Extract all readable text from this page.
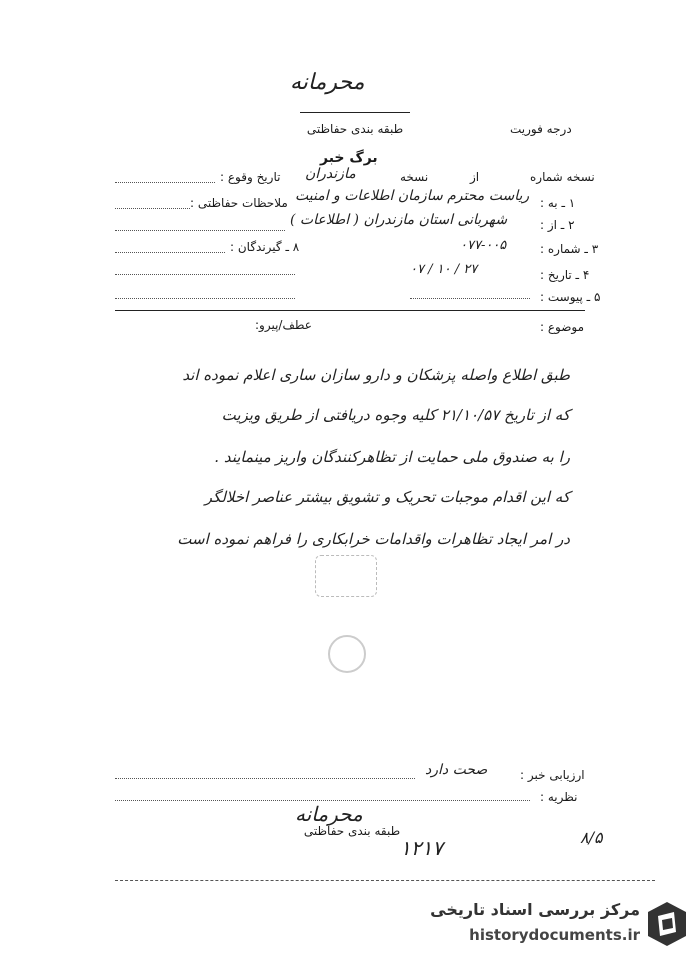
محرمانه
طبقه بندی حفاظتی	درجه فوریت
برگ خبر
نسخه شماره
از
نسخه
مازندران
تاریخ وقوع :
۱ ـ به :
ریاست محترم سازمان اطلاعات و امنیت
ملاحظات حفاظتی :
۲ ـ از :
شهربانی استان مازندران ( اطلاعات )
۳ ـ شماره :
۰۷۷-۰۰۵
۸ ـ گیرندگان :
۴ ـ تاریخ :
۰۷ / ۱۰ / ۲۷
۵ ـ پیوست :
موضوع :
عطف/پیرو:
طبق اطلاع واصله پزشکان و دارو سازان ساری اعلام نموده اند
که از تاریخ ۲۱/۱۰/۵۷ کلیه وجوه دریافتی از طریق ویزیت
را به صندوق ملی حمایت از تظاهرکنندگان واریز مینمایند .
که این اقدام موجبات تحریک و تشویق بیشتر عناصر اخلالگر
در امر ایجاد تظاهرات واقدامات خرابکاری را فراهم نموده است
ارزیابی خبر :
صحت دارد
نظریه :
محرمانه
طبقه بندی حفاظتی
۱۲۱۷	۸/۵
مرکز بررسی اسناد تاریخی
historydocuments.ir
